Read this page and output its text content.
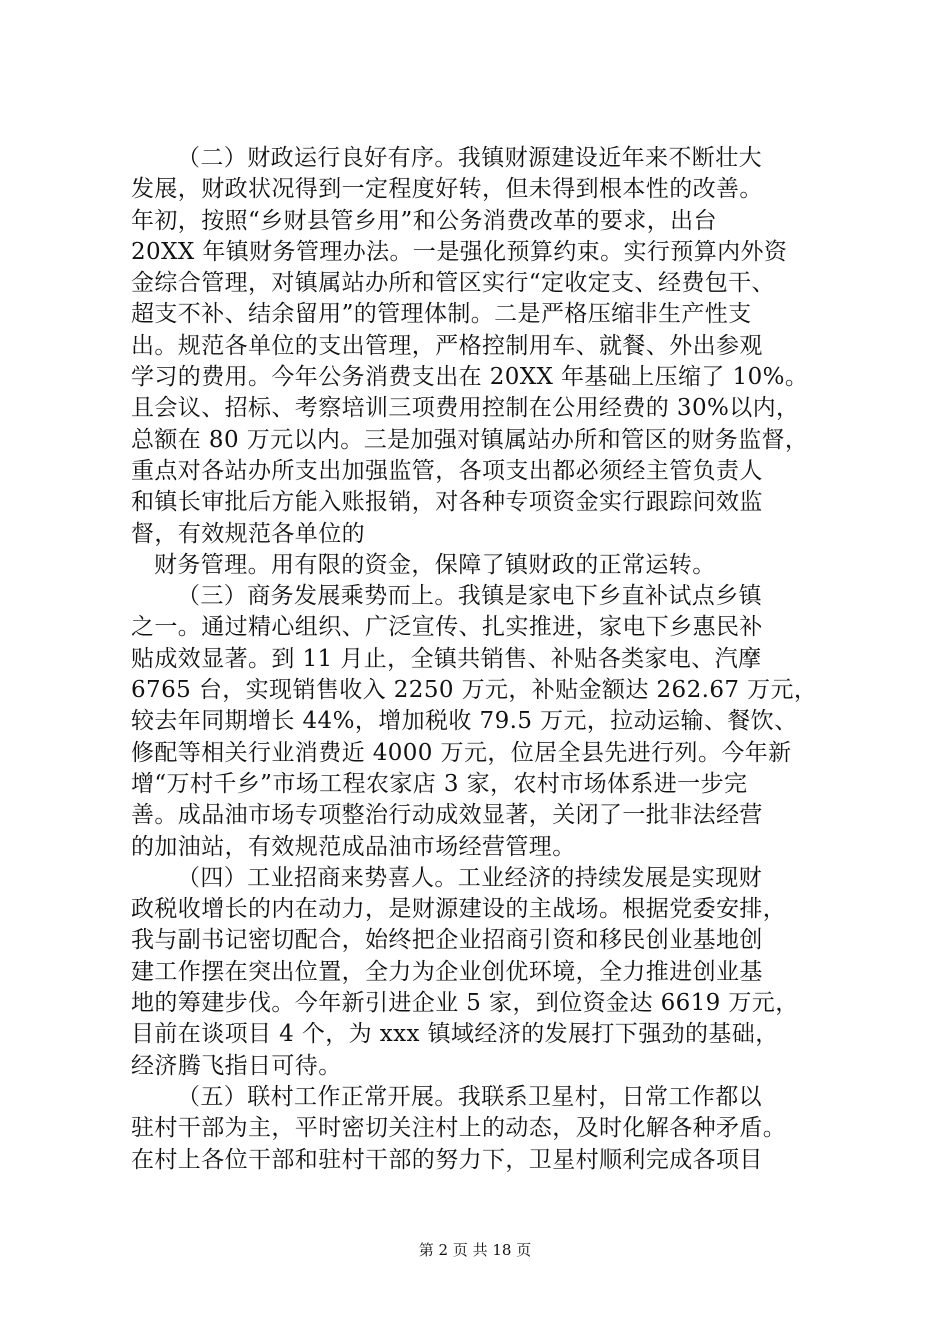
（二）财政运行良好有序。我镇财源建设近年来不断壮大
发展，财政状况得到一定程度好转，但未得到根本性的改善。
年初，按照“乡财县管乡用”和公务消费改革的要求，出台
20XX 年镇财务管理办法。一是强化预算约束。实行预算内外资
金综合管理，对镇属站办所和管区实行“定收定支、经费包干、
超支不补、结余留用”的管理体制。二是严格压缩非生产性支
出。规范各单位的支出管理，严格控制用车、就餐、外出参观
学习的费用。今年公务消费支出在 20XX 年基础上压缩了 10%。
且会议、招标、考察培训三项费用控制在公用经费的 30%以内，
总额在 80 万元以内。三是加强对镇属站办所和管区的财务监督，
重点对各站办所支出加强监管，各项支出都必须经主管负责人
和镇长审批后方能入账报销，对各种专项资金实行跟踪问效监
督，有效规范各单位的
财务管理。用有限的资金，保障了镇财政的正常运转。
（三）商务发展乘势而上。我镇是家电下乡直补试点乡镇
之一。通过精心组织、广泛宣传、扎实推进，家电下乡惠民补
贴成效显著。到 11 月止，全镇共销售、补贴各类家电、汽摩
6765 台，实现销售收入 2250 万元，补贴金额达 262.67 万元，
较去年同期增长 44%，增加税收 79.5 万元，拉动运输、餐饮、
修配等相关行业消费近 4000 万元，位居全县先进行列。今年新
增“万村千乡”市场工程农家店 3 家，农村市场体系进一步完
善。成品油市场专项整治行动成效显著，关闭了一批非法经营
的加油站，有效规范成品油市场经营管理。
（四）工业招商来势喜人。工业经济的持续发展是实现财
政税收增长的内在动力，是财源建设的主战场。根据党委安排，
我与副书记密切配合，始终把企业招商引资和移民创业基地创
建工作摆在突出位置，全力为企业创优环境，全力推进创业基
地的筹建步伐。今年新引进企业 5 家，到位资金达 6619 万元，
目前在谈项目 4 个，为 xxx 镇域经济的发展打下强劲的基础，
经济腾飞指日可待。
（五）联村工作正常开展。我联系卫星村，日常工作都以
驻村干部为主，平时密切关注村上的动态，及时化解各种矛盾。
在村上各位干部和驻村干部的努力下，卫星村顺利完成各项目
第 2 页 共 18 页
